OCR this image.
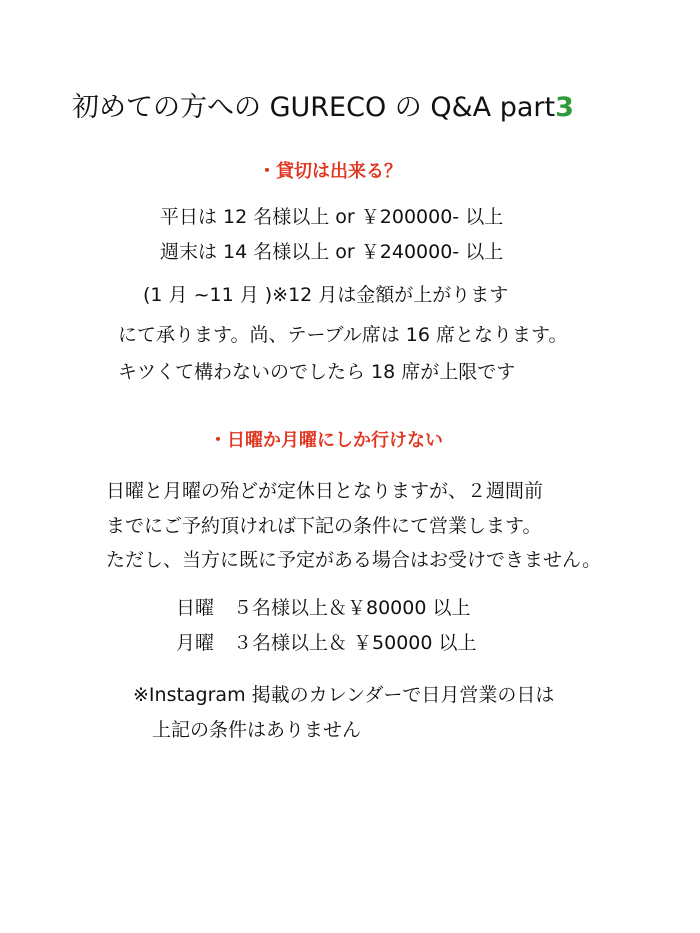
初めての方への GURECO の Q&A part3
・貸切は出来る？
平日は 12 名様以上 or ￥200000- 以上
週末は 14 名様以上 or ￥240000- 以上
(1 月 ~11 月 )※12 月は金額が上がります
にて承ります。尚、テーブル席は 16 席となります。
キツくて構わないのでしたら 18 席が上限です
・日曜か月曜にしか行けない
日曜と月曜の殆どが定休日となりますが、２週間前
までにご予約頂ければ下記の条件にて営業します。
ただし、当方に既に予定がある場合はお受けできません。
日曜　５名様以上＆￥80000 以上
月曜　３名様以上＆ ￥50000 以上
※Instagram 掲載のカレンダーで日月営業の日は
上記の条件はありません
